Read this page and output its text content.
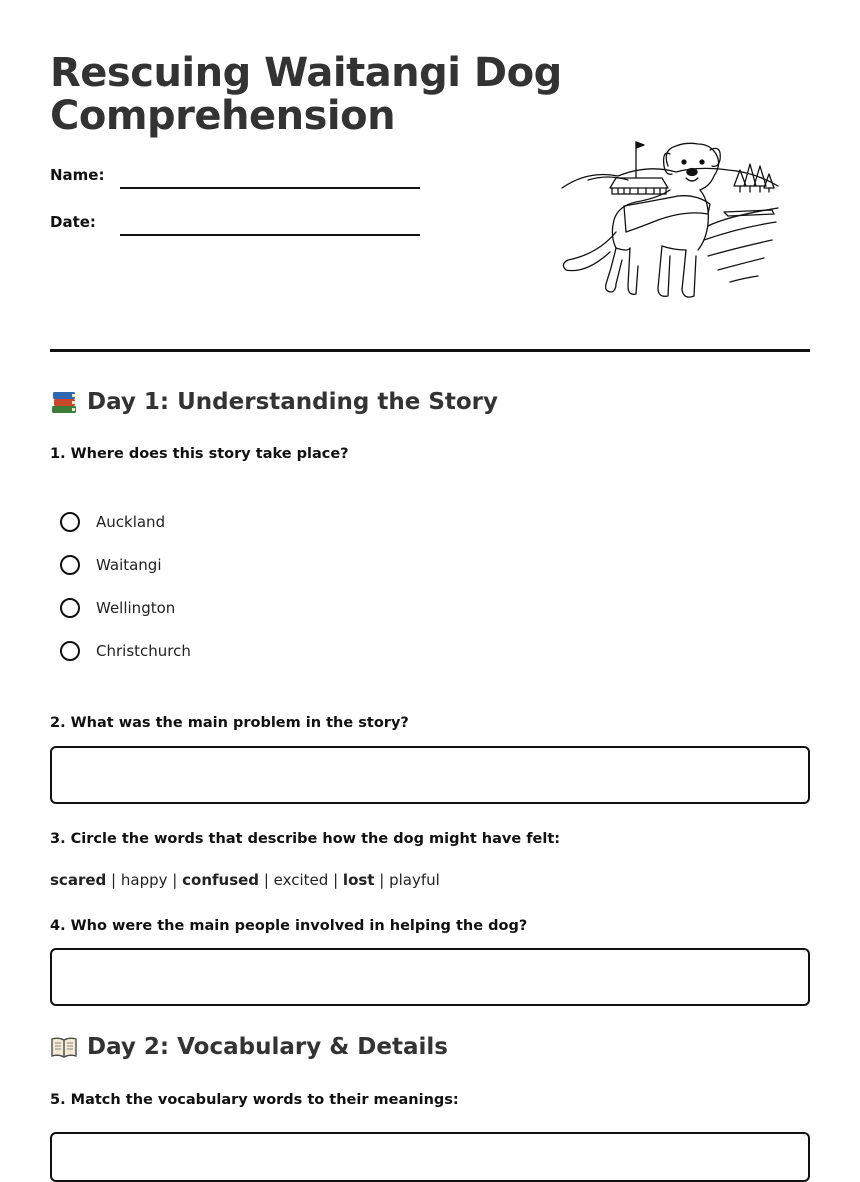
Rescuing Waitangi Dog Comprehension
Name:
Date:
Day 1: Understanding the Story
1. Where does this story take place?
Auckland
Waitangi
Wellington
Christchurch
2. What was the main problem in the story?
3. Circle the words that describe how the dog might have felt:
scared | happy | confused | excited | lost | playful
4. Who were the main people involved in helping the dog?
Day 2: Vocabulary & Details
5. Match the vocabulary words to their meanings:
